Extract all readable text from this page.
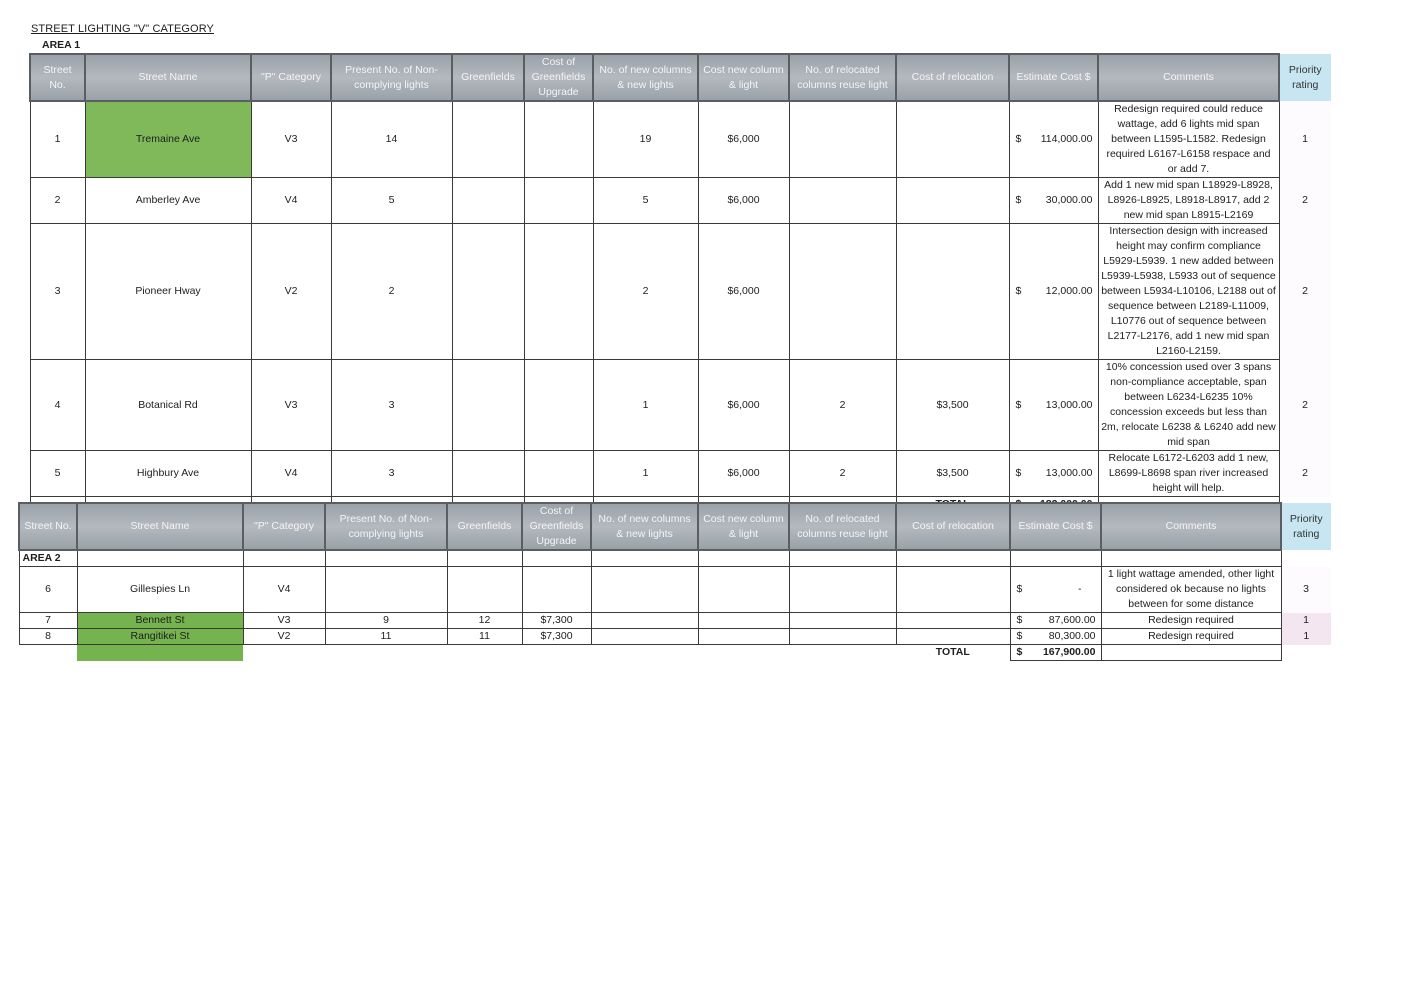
STREET LIGHTING "V" CATEGORY
AREA 1
Street No.	Street Name	"P" Category	Present No. of Non-complying lights	Greenfields	Cost of Greenfields Upgrade	No. of new columns & new lights	Cost new column & light	No. of relocated columns reuse light	Cost of relocation	Estimate Cost $	Comments	Priority rating
1	Tremaine Ave	V3	14			19	$6,000			$ 114,000.00	Redesign required could reduce wattage, add 6 lights mid span between L1595-L1582. Redesign required L6167-L6158 respace and or add 7.	1
2	Amberley Ave	V4	5			5	$6,000			$ 30,000.00	Add 1 new mid span L18929-L8928, L8926-L8925, L8918-L8917, add 2 new mid span L8915-L2169	2
3	Pioneer Hway	V2	2			2	$6,000			$ 12,000.00	Intersection design with increased height may confirm compliance L5929-L5939. 1 new added between L5939-L5938, L5933 out of sequence between L5934-L10106, L2188 out of sequence between L2189-L11009, L10776 out of sequence between L2177-L2176, add 1 new mid span L2160-L2159.	2
4	Botanical Rd	V3	3			1	$6,000	2	$3,500	$ 13,000.00	10% concession used over 3 spans non-compliance acceptable, span between L6234-L6235 10% concession exceeds but less than 2m, relocate L6238 & L6240 add new mid span	2
5	Highbury Ave	V4	3			1	$6,000	2	$3,500	$ 13,000.00	Relocate L6172-L6203 add 1 new, L8699-L8698 span river increased height will help.	2

Street No.	Street Name	"P" Category	Present No. of Non-complying lights	Greenfields	Cost of Greenfields Upgrade	No. of new columns & new lights	Cost new column & light	No. of relocated columns reuse light	Cost of relocation	Estimate Cost $	Comments	Priority rating
AREA 2												
6	Gillespies Ln	V4								$ -	1 light wattage amended, other light considered ok because no lights between for some distance	3
7	Bennett St	V3	9	12	$7,300					$ 87,600.00	Redesign required	1
8	Rangitikei St	V2	11	11	$7,300					$ 80,300.00	Redesign required	1
									TOTAL	$ 167,900.00		
